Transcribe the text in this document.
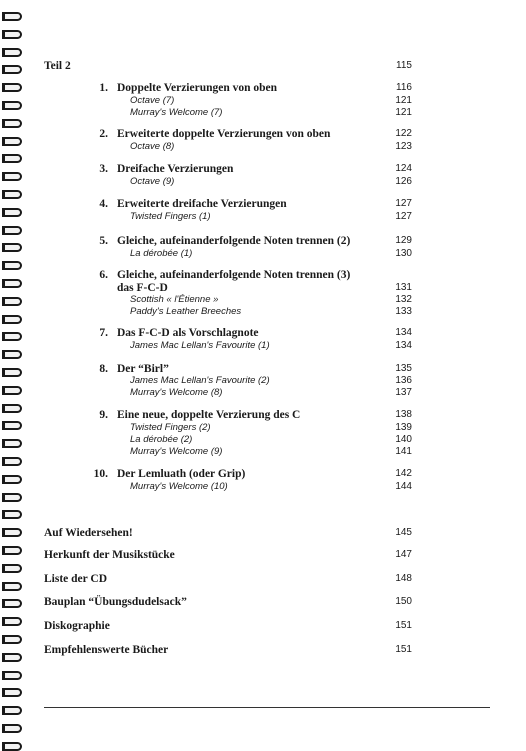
Teil 2	115
1. Doppelte Verzierungen von oben	116
Octave (7)	121
Murray's Welcome (7)	121
2. Erweiterte doppelte Verzierungen von oben	122
Octave (8)	123
3. Dreifache Verzierungen	124
Octave (9)	126
4. Erweiterte dreifache Verzierungen	127
Twisted Fingers (1)	127
5. Gleiche, aufeinanderfolgende Noten trennen (2)	129
La dérobée (1)	130
6. Gleiche, aufeinanderfolgende Noten trennen (3)
das F-C-D	131
Scottish « l'Étienne »	132
Paddy's Leather Breeches	133
7. Das F-C-D als Vorschlagnote	134
James Mac Lellan's Favourite (1)	134
8. Der “Birl”	135
James Mac Lellan's Favourite (2)	136
Murray's Welcome (8)	137
9. Eine neue, doppelte Verzierung des C	138
Twisted Fingers (2)	139
La dérobée (2)	140
Murray's Welcome (9)	141
10. Der Lemluath (oder Grip)	142
Murray's Welcome (10)	144
Auf Wiedersehen!	145
Herkunft der Musikstücke	147
Liste der CD	148
Bauplan “Übungsdudelsack”	150
Diskographie	151
Empfehlenswerte Bücher	151
